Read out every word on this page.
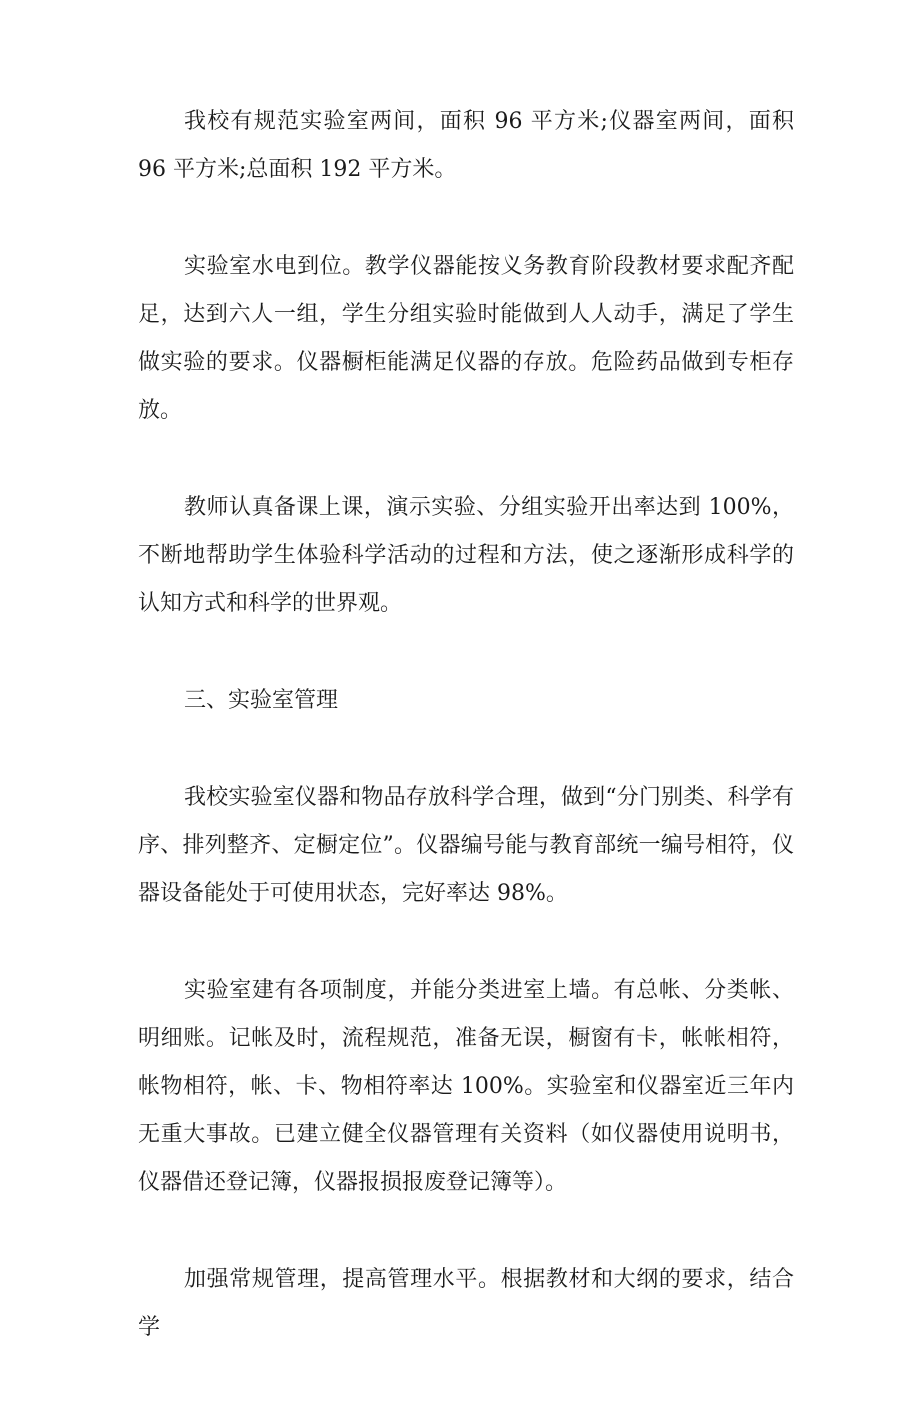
我校有规范实验室两间，面积 96 平方米;仪器室两间，面积 96 平方米;总面积 192 平方米。

实验室水电到位。教学仪器能按义务教育阶段教材要求配齐配足，达到六人一组，学生分组实验时能做到人人动手，满足了学生做实验的要求。仪器橱柜能满足仪器的存放。危险药品做到专柜存放。

教师认真备课上课，演示实验、分组实验开出率达到 100%，不断地帮助学生体验科学活动的过程和方法，使之逐渐形成科学的认知方式和科学的世界观。

三、实验室管理

我校实验室仪器和物品存放科学合理，做到“分门别类、科学有序、排列整齐、定橱定位”。仪器编号能与教育部统一编号相符，仪器设备能处于可使用状态，完好率达 98%。

实验室建有各项制度，并能分类进室上墙。有总帐、分类帐、明细账。记帐及时，流程规范，准备无误，橱窗有卡，帐帐相符，帐物相符，帐、卡、物相符率达 100%。实验室和仪器室近三年内无重大事故。已建立健全仪器管理有关资料（如仪器使用说明书，仪器借还登记簿，仪器报损报废登记簿等）。

加强常规管理，提高管理水平。根据教材和大纲的要求，结合学
